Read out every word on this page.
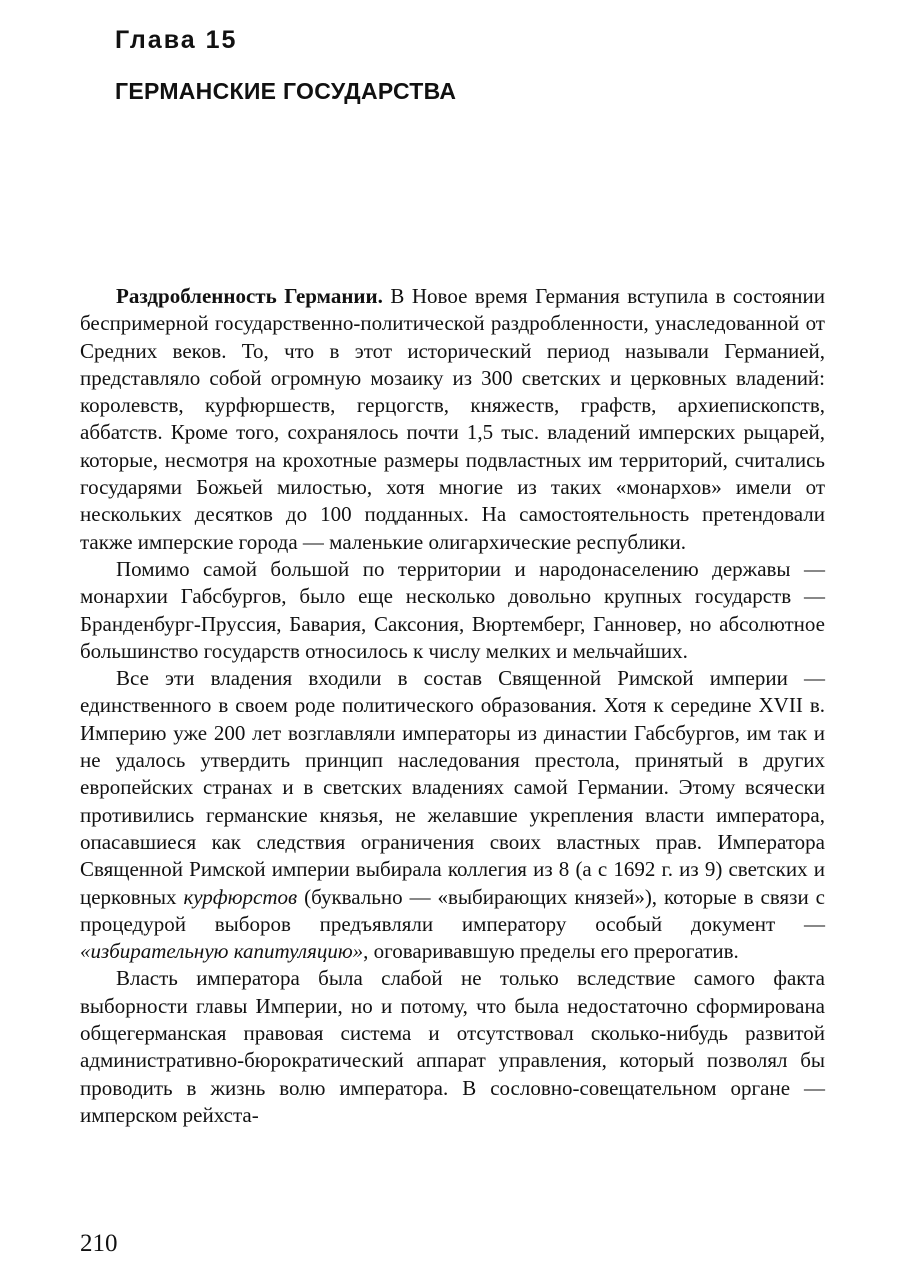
Глава 15
ГЕРМАНСКИЕ ГОСУДАРСТВА

Раздробленность Германии. В Новое время Германия вступила в состоянии беспримерной государственно-политической раздробленности, унаследованной от Средних веков. То, что в этот исторический период называли Германией, представляло собой огромную мозаику из 300 светских и церковных владений: королевств, курфюршеств, герцогств, княжеств, графств, архиепископств, аббатств. Кроме того, сохранялось почти 1,5 тыс. владений имперских рыцарей, которые, несмотря на крохотные размеры подвластных им территорий, считались государями Божьей милостью, хотя многие из таких «монархов» имели от нескольких десятков до 100 подданных. На самостоятельность претендовали также имперские города — маленькие олигархические республики.

Помимо самой большой по территории и народонаселению державы — монархии Габсбургов, было еще несколько довольно крупных государств — Бранденбург-Пруссия, Бавария, Саксония, Вюртемберг, Ганновер, но абсолютное большинство государств относилось к числу мелких и мельчайших.

Все эти владения входили в состав Священной Римской империи — единственного в своем роде политического образования. Хотя к середине XVII в. Империю уже 200 лет возглавляли императоры из династии Габсбургов, им так и не удалось утвердить принцип наследования престола, принятый в других европейских странах и в светских владениях самой Германии. Этому всячески противились германские князья, не желавшие укрепления власти императора, опасавшиеся как следствия ограничения своих властных прав. Императора Священной Римской империи выбирала коллегия из 8 (а с 1692 г. из 9) светских и церковных курфюрстов (буквально — «выбирающих князей»), которые в связи с процедурой выборов предъявляли императору особый документ — «избирательную капитуляцию», оговаривавшую пределы его прерогатив.

Власть императора была слабой не только вследствие самого факта выборности главы Империи, но и потому, что была недостаточно сформирована общегерманская правовая система и отсутствовал сколько-нибудь развитой административно-бюрократический аппарат управления, который позволял бы проводить в жизнь волю императора. В сословно-совещательном органе — имперском рейхста-

210
